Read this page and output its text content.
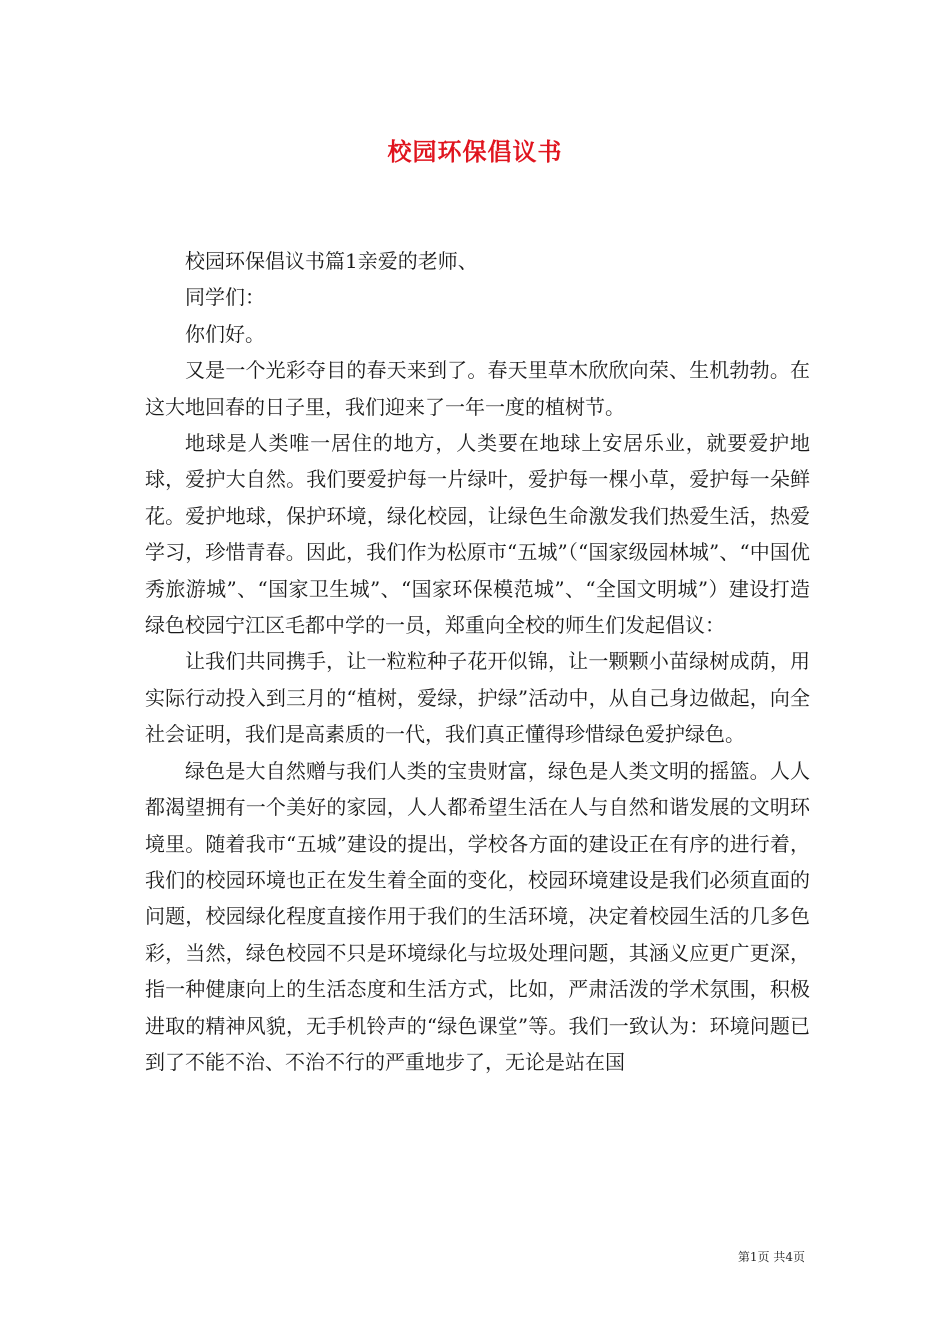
校园环保倡议书

校园环保倡议书篇1亲爱的老师、

同学们：

你们好。

又是一个光彩夺目的春天来到了。春天里草木欣欣向荣、生机勃勃。在这大地回春的日子里，我们迎来了一年一度的植树节。

地球是人类唯一居住的地方，人类要在地球上安居乐业，就要爱护地球，爱护大自然。我们要爱护每一片绿叶，爱护每一棵小草，爱护每一朵鲜花。爱护地球，保护环境，绿化校园，让绿色生命激发我们热爱生活，热爱学习，珍惜青春。因此，我们作为松原市“五城”（“国家级园林城”、“中国优秀旅游城”、“国家卫生城”、“国家环保模范城”、“全国文明城”）建设打造绿色校园宁江区毛都中学的一员，郑重向全校的师生们发起倡议：

让我们共同携手，让一粒粒种子花开似锦，让一颗颗小苗绿树成荫，用实际行动投入到三月的“植树，爱绿，护绿”活动中，从自己身边做起，向全社会证明，我们是高素质的一代，我们真正懂得珍惜绿色爱护绿色。

绿色是大自然赠与我们人类的宝贵财富，绿色是人类文明的摇篮。人人都渴望拥有一个美好的家园，人人都希望生活在人与自然和谐发展的文明环境里。随着我市“五城”建设的提出，学校各方面的建设正在有序的进行着，我们的校园环境也正在发生着全面的变化，校园环境建设是我们必须直面的问题，校园绿化程度直接作用于我们的生活环境，决定着校园生活的几多色彩，当然，绿色校园不只是环境绿化与垃圾处理问题，其涵义应更广更深，指一种健康向上的生活态度和生活方式，比如，严肃活泼的学术氛围，积极进取的精神风貌，无手机铃声的“绿色课堂”等。我们一致认为：环境问题已到了不能不治、不治不行的严重地步了，无论是站在国

第1页 共4页
